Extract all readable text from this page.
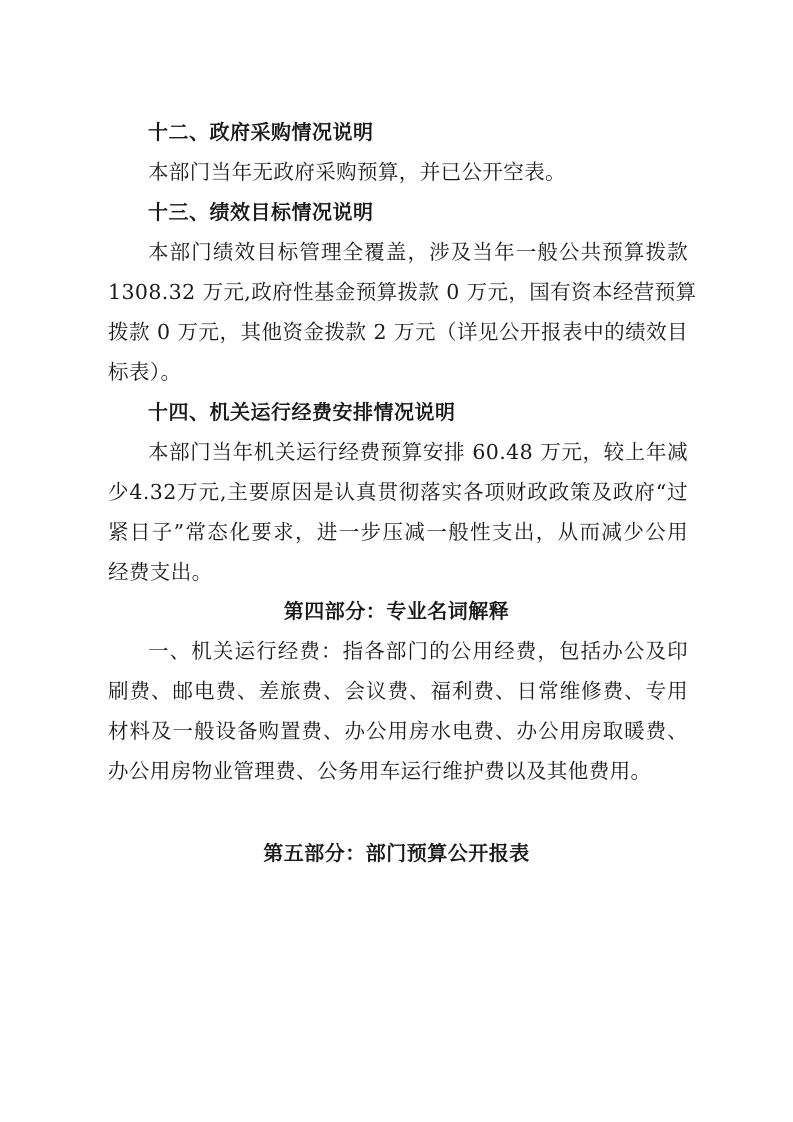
十二、政府采购情况说明
本部门当年无政府采购预算，并已公开空表。
十三、绩效目标情况说明
本部门绩效目标管理全覆盖，涉及当年一般公共预算拨款
1308.32 万元,政府性基金预算拨款 0 万元，国有资本经营预算
拨款 0 万元，其他资金拨款 2 万元（详见公开报表中的绩效目
标表）。
十四、机关运行经费安排情况说明
本部门当年机关运行经费预算安排 60.48 万元，较上年减
少4.32万元,主要原因是认真贯彻落实各项财政政策及政府“过
紧日子”常态化要求，进一步压减一般性支出，从而减少公用
经费支出。
第四部分：专业名词解释
一、机关运行经费：指各部门的公用经费，包括办公及印
刷费、邮电费、差旅费、会议费、福利费、日常维修费、专用
材料及一般设备购置费、办公用房水电费、办公用房取暖费、
办公用房物业管理费、公务用车运行维护费以及其他费用。
第五部分：部门预算公开报表
